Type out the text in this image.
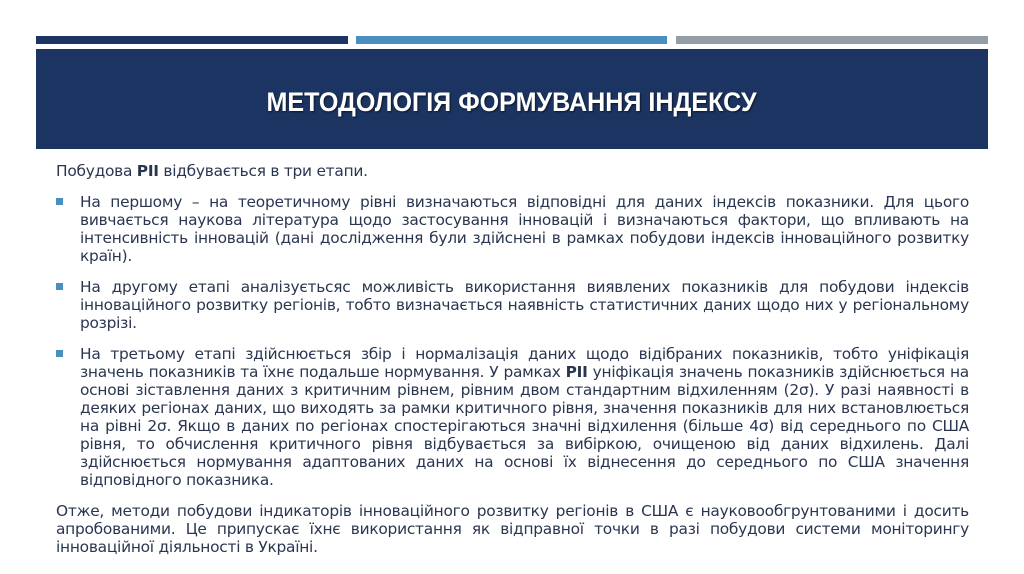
МЕТОДОЛОГІЯ ФОРМУВАННЯ ІНДЕКСУ

Побудова PII відбувається в три етапи.

На першому – на теоретичному рівні визначаються відповідні для даних індексів показники. Для цього вивчається наукова література щодо застосування інновацій і визначаються фактори, що впливають на інтенсивність інновацій (дані дослідження були здійснені в рамках побудови індексів інноваційного розвитку країн).
На другому етапі аналізуєтьсяс можливість використання виявлених показників для побудови індексів інноваційного розвитку регіонів, тобто визначається наявність статистичних даних щодо них у регіональному розрізі.
На третьому етапі здійснюється збір і нормалізація даних щодо відібраних показників, тобто уніфікація значень показників та їхнє подальше нормування. У рамках PII уніфікація значень показників здійснюється на основі зіставлення даних з критичним рівнем, рівним двом стандартним відхиленням (2σ). У разі наявності в деяких регіонах даних, що виходять за рамки критичного рівня, значення показників для них встановлюється на рівні 2σ. Якщо в даних по регіонах спостерігаються значні відхилення (більше 4σ) від середнього по США рівня, то обчислення критичного рівня відбувається за вибіркою, очищеною від даних відхилень. Далі здійснюється нормування адаптованих даних на основі їх віднесення до середнього по США значення відповідного показника.

Отже, методи побудови індикаторів інноваційного розвитку регіонів в США є науковообгрунтованими і досить апробованими. Це припускає їхнє використання як відправної точки в разі побудови системи моніторингу інноваційної діяльності в Україні.
